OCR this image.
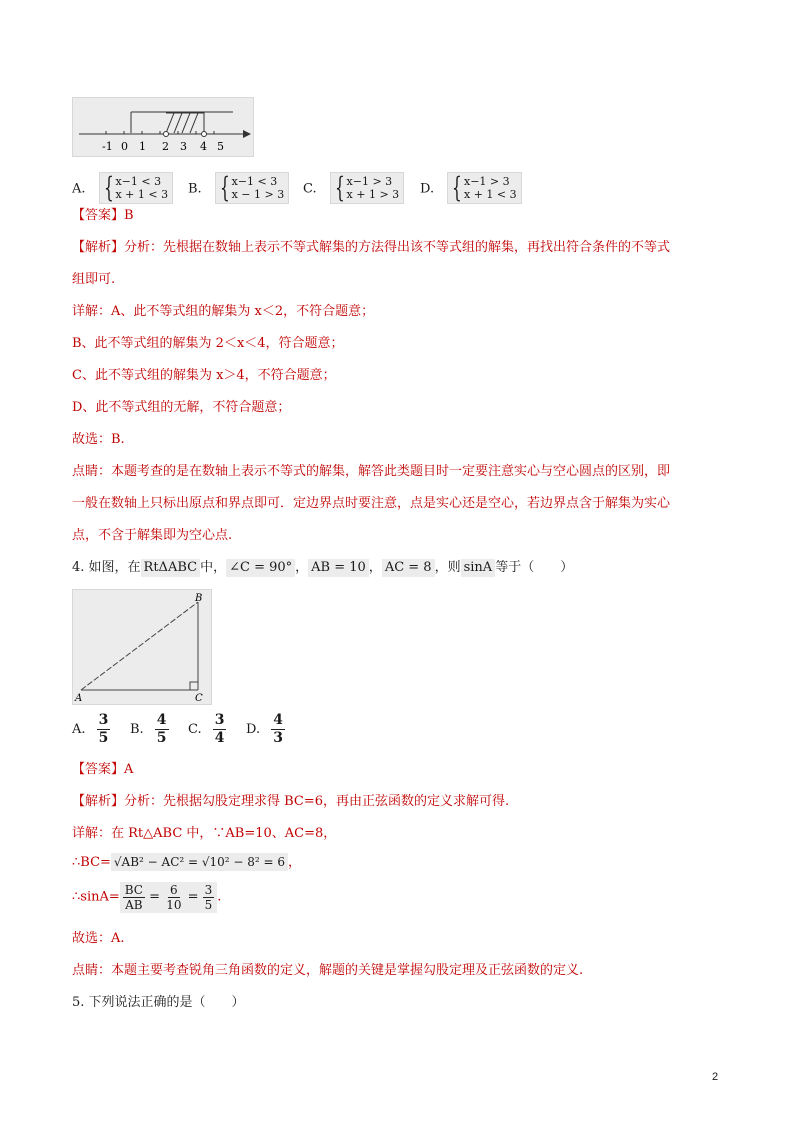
-1 0 1 2 3 4 5
A. { x−1 < 3
x + 1 < 3 B. { x−1 < 3
x − 1 > 3 C. { x−1 > 3
x + 1 > 3 D. { x−1 > 3
x + 1 < 3
【答案】B
【解析】分析：先根据在数轴上表示不等式解集的方法得出该不等式组的解集，再找出符合条件的不等式
组即可.
详解：A、此不等式组的解集为 x＜2，不符合题意；
B、此不等式组的解集为 2＜x＜4，符合题意；
C、此不等式组的解集为 x＞4，不符合题意；
D、此不等式组的无解，不符合题意；
故选：B.
点睛：本题考查的是在数轴上表示不等式的解集，解答此类题目时一定要注意实心与空心圆点的区别，即
一般在数轴上只标出原点和界点即可．定边界点时要注意，点是实心还是空心，若边界点含于解集为实心
点，不含于解集即为空心点.
4. 如图，在 RtΔABC 中， ∠C = 90° ， AB = 10 ， AC = 8 ，则 sinA 等于（　　）
B
A	C
A. $\frac{3}{5} B$. $\frac{4}{5} C$. $\frac{3}{4} D$. $\frac{4}{3}$
【答案】A
【解析】分析：先根据勾股定理求得 BC=6，再由正弦函数的定义求解可得.
详解：在 Rt△ABC 中，∵AB=10、AC=8，
∴BC= √AB² − AC² = √10² − 8² = 6 ，
∴sinA= $\frac{BC}{AB} = \frac{6}{10} = \frac{3}{5}$ .
故选：A.
点睛：本题主要考查锐角三角函数的定义，解题的关键是掌握勾股定理及正弦函数的定义.
5. 下列说法正确的是（　　）
2
